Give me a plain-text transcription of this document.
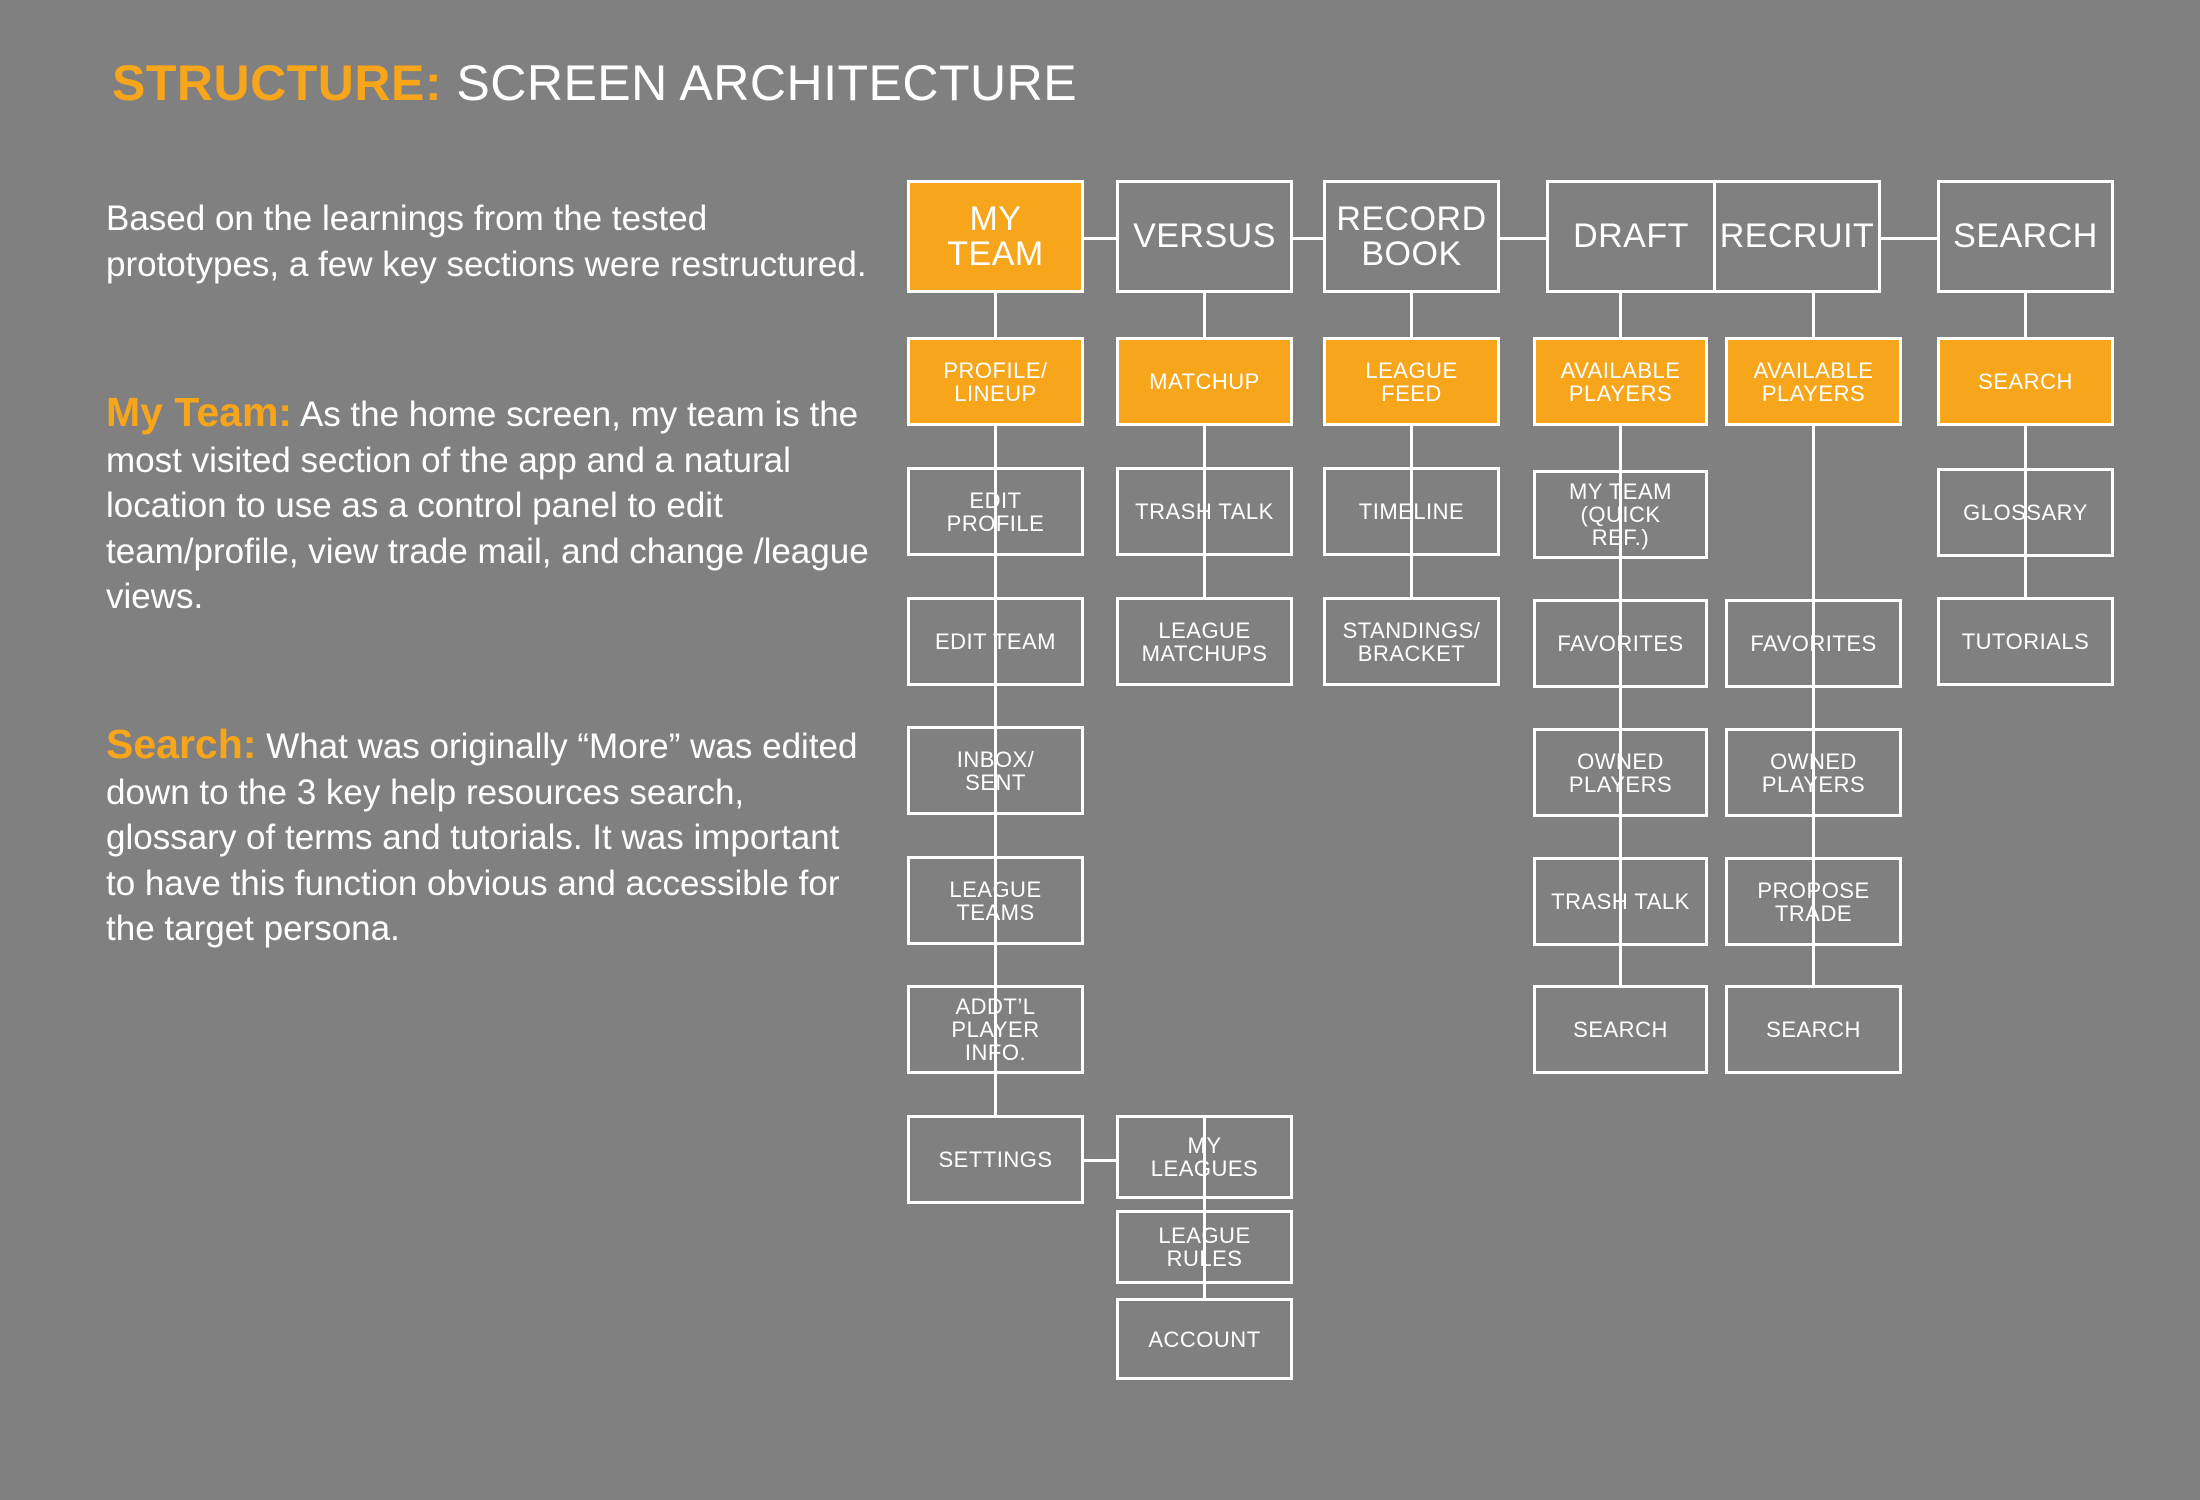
STRUCTURE: SCREEN ARCHITECTURE

Based on the learnings from the tested prototypes, a few key sections were restructured.

My Team: As the home screen, my team is the most visited section of the app and a natural location to use as a control panel to edit team/profile, view trade mail, and change /league views.

Search: What was originally “More” was edited down to the 3 key help resources search, glossary of terms and tutorials. It was important to have this function obvious and accessible for the target persona.

MY
TEAM	VERSUS RECORD
BOOK	DRAFT RECRUIT SEARCH
PROFILE/
LINEUP
EDIT
PROFILE
EDIT TEAM
INBOX/
SENT
LEAGUE
TEAMS
ADDT’L
PLAYER
INFO.
SETTINGS
MATCHUP
TRASH TALK
LEAGUE
MATCHUPS
LEAGUE
FEED
TIMELINE
STANDINGS/
BRACKET
AVAILABLE
PLAYERS
MY TEAM
(QUICK
REF.)
FAVORITES
OWNED
PLAYERS
TRASH TALK
SEARCH
AVAILABLE
PLAYERS
FAVORITES
OWNED
PLAYERS
PROPOSE
TRADE
SEARCH
SEARCH
GLOSSARY
TUTORIALS
MY
LEAGUES
LEAGUE
RULES
ACCOUNT
